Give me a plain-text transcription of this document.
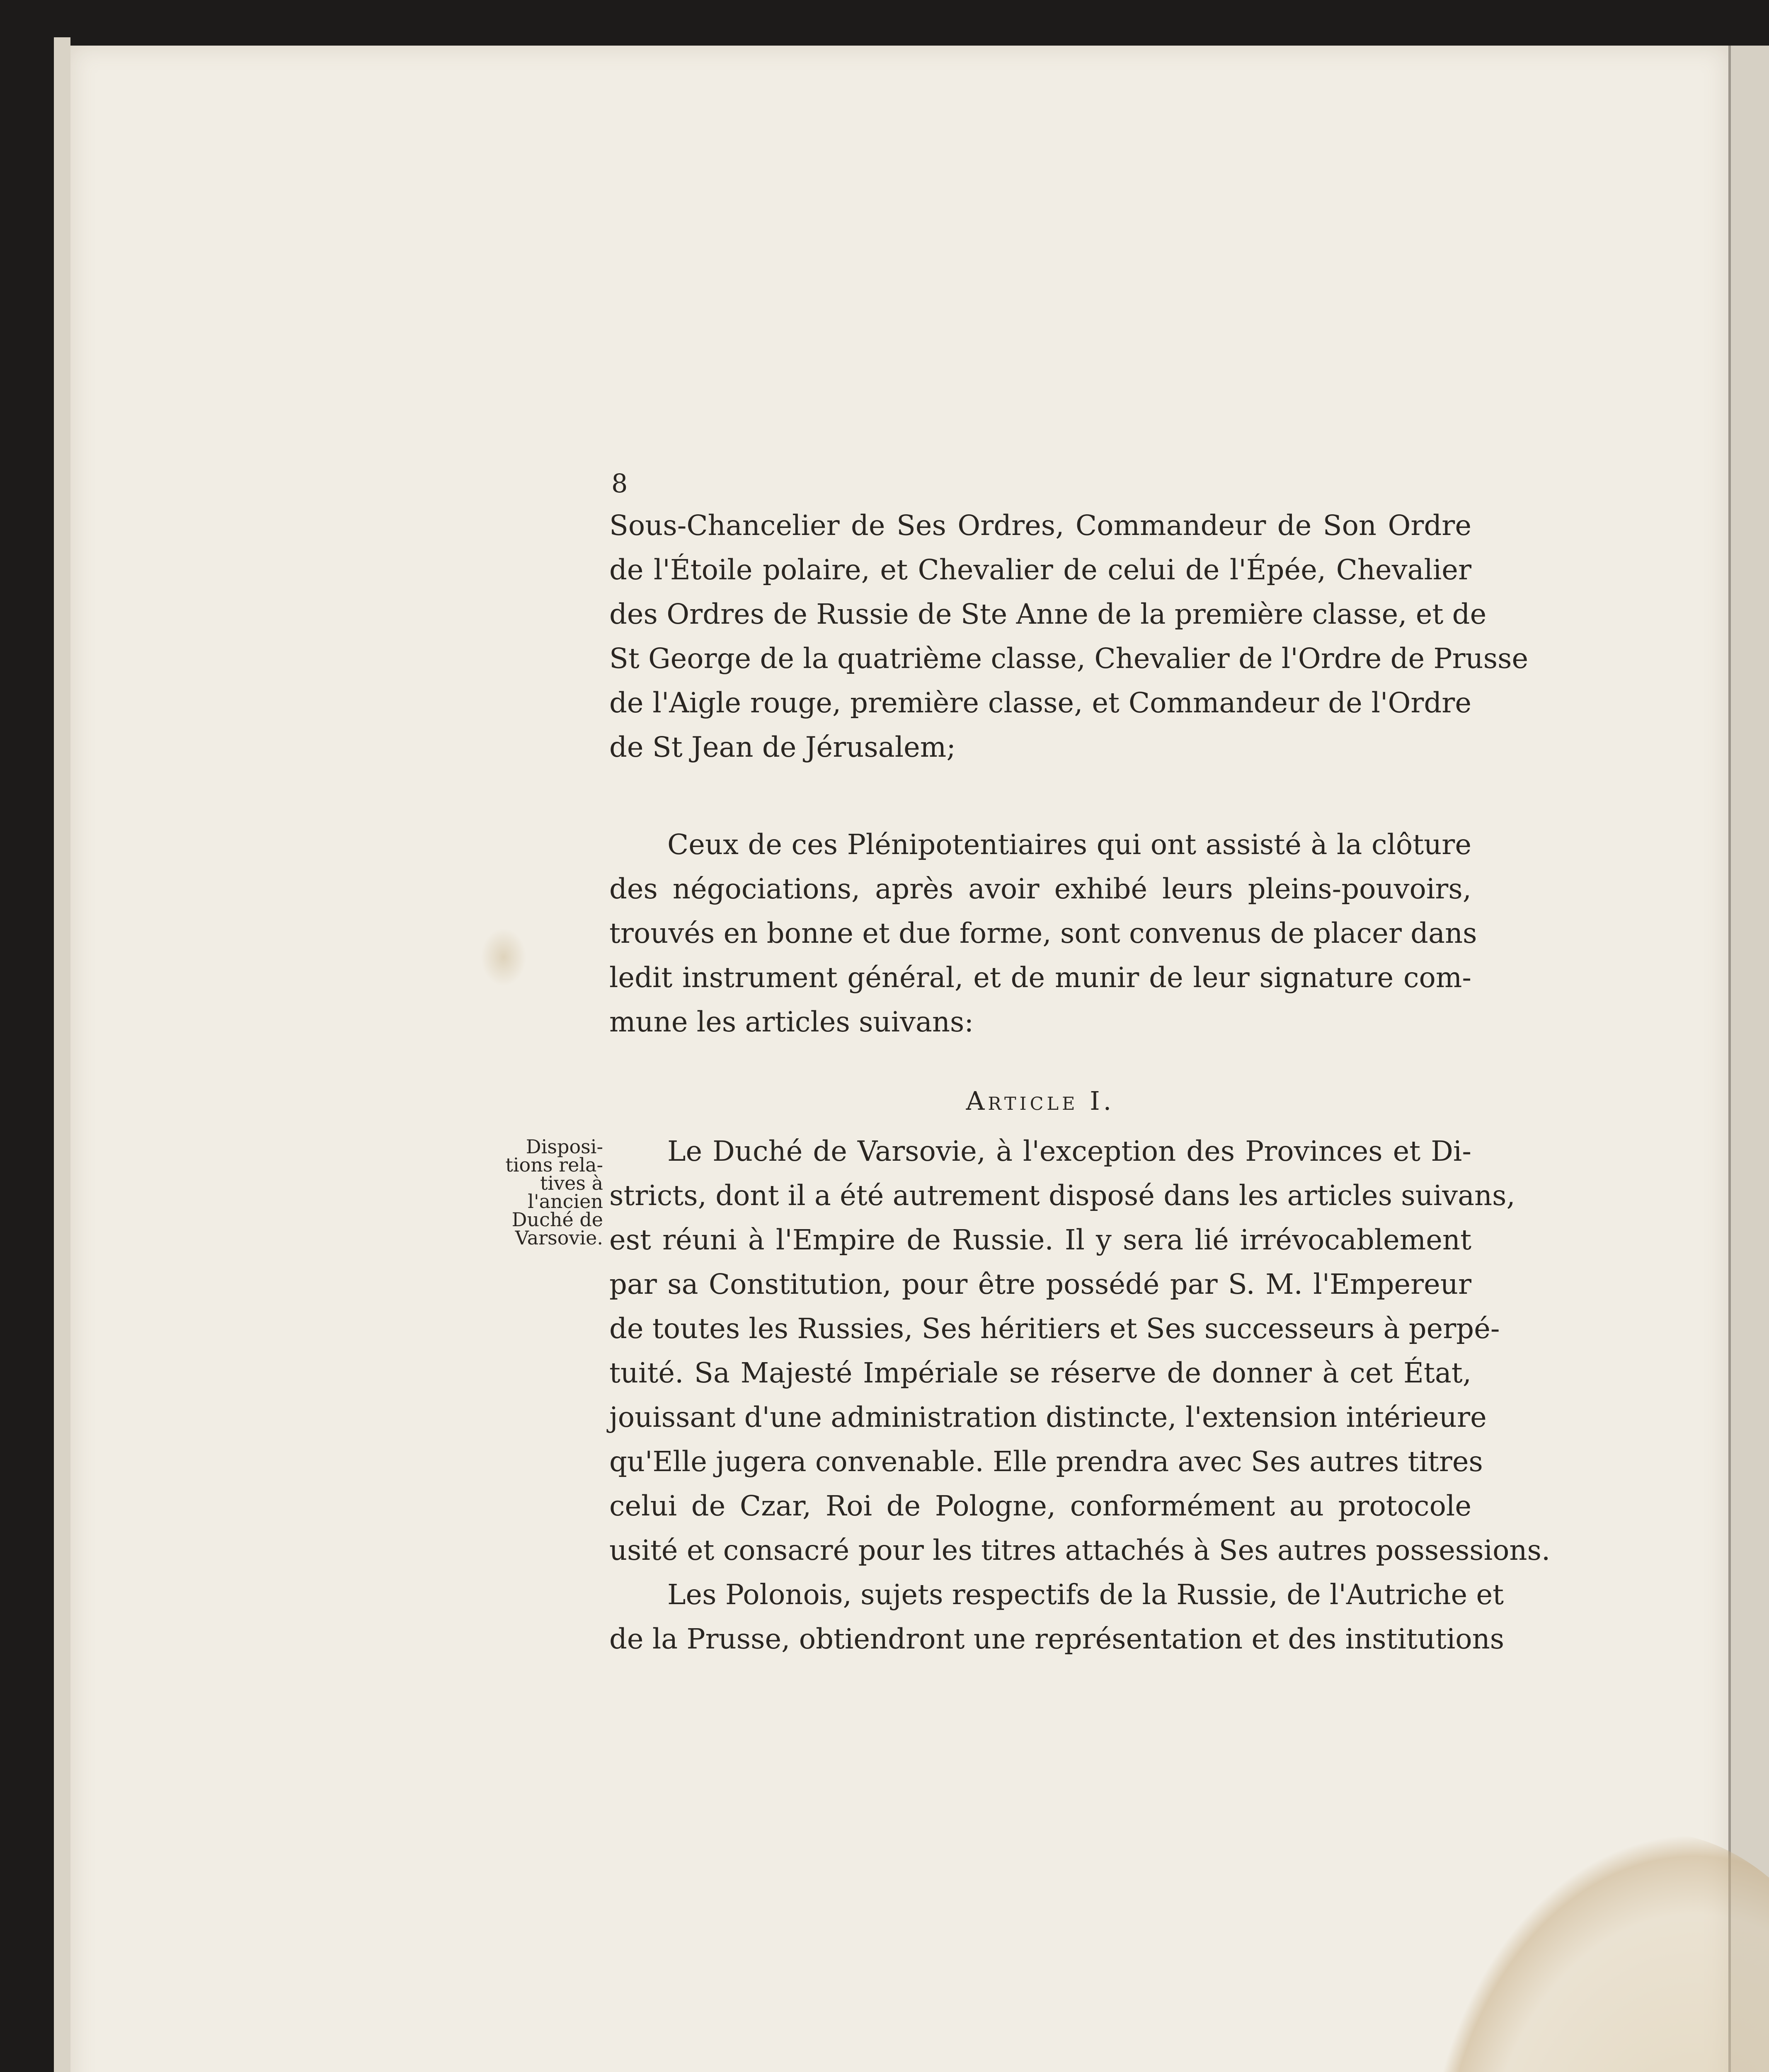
8
Sous-Chancelier de Ses Ordres, Commandeur de Son Ordre
de l'Étoile polaire, et Chevalier de celui de l'Épée, Chevalier
des Ordres de Russie de Ste Anne de la première classe, et de
St George de la quatrième classe, Chevalier de l'Ordre de Prusse
de l'Aigle rouge, première classe, et Commandeur de l'Ordre
de St Jean de Jérusalem;
Ceux de ces Plénipotentiaires qui ont assisté à la clôture
des négociations, après avoir exhibé leurs pleins-pouvoirs,
trouvés en bonne et due forme, sont convenus de placer dans
ledit instrument général, et de munir de leur signature com-
mune les articles suivans:
Article I.
Disposi-
tions rela-
tives à
l'ancien
Duché de
Varsovie.
Le Duché de Varsovie, à l'exception des Provinces et Di-
stricts, dont il a été autrement disposé dans les articles suivans,
est réuni à l'Empire de Russie. Il y sera lié irrévocablement
par sa Constitution, pour être possédé par S. M. l'Empereur
de toutes les Russies, Ses héritiers et Ses successeurs à perpé-
tuité. Sa Majesté Impériale se réserve de donner à cet État,
jouissant d'une administration distincte, l'extension intérieure
qu'Elle jugera convenable. Elle prendra avec Ses autres titres
celui de Czar, Roi de Pologne, conformément au protocole
usité et consacré pour les titres attachés à Ses autres possessions.
Les Polonois, sujets respectifs de la Russie, de l'Autriche et
de la Prusse, obtiendront une représentation et des institutions
